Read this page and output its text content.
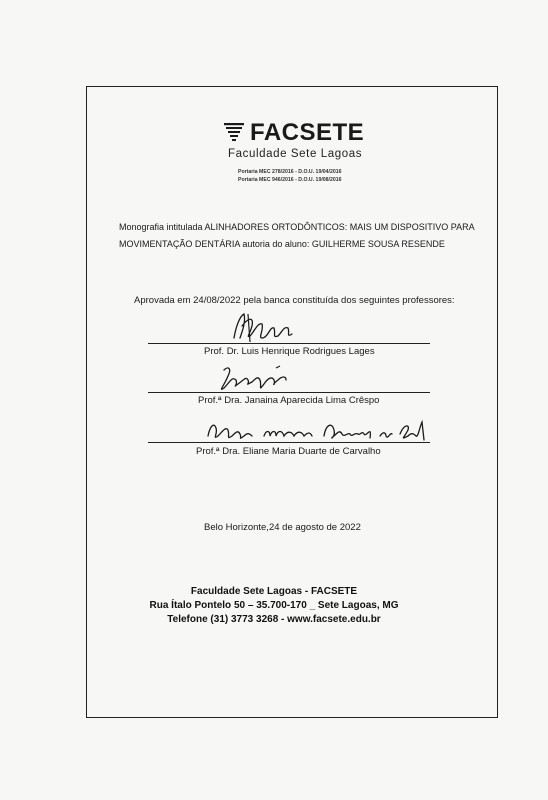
FACSETE
Faculdade Sete Lagoas
Portaria MEC 278/2016 - D.O.U. 19/04/2016
Portaria MEC 946/2016 - D.O.U. 19/08/2016
Monografia intitulada ALINHADORES ORTODÔNTICOS: MAIS UM DISPOSITIVO PARA
MOVIMENTAÇÃO DENTÁRIA autoria do aluno: GUILHERME SOUSA RESENDE
Aprovada em 24/08/2022 pela banca constituída dos seguintes professores:
Prof. Dr. Luis Henrique Rodrigues Lages
Prof.ª Dra. Janaina Aparecida Lima Crêspo
Prof.ª Dra. Eliane Maria Duarte de Carvalho
Belo Horizonte,24 de agosto de 2022
Faculdade Sete Lagoas - FACSETE
Rua Ítalo Pontelo 50 – 35.700-170 _ Sete Lagoas, MG
Telefone (31) 3773 3268 - www.facsete.edu.br
